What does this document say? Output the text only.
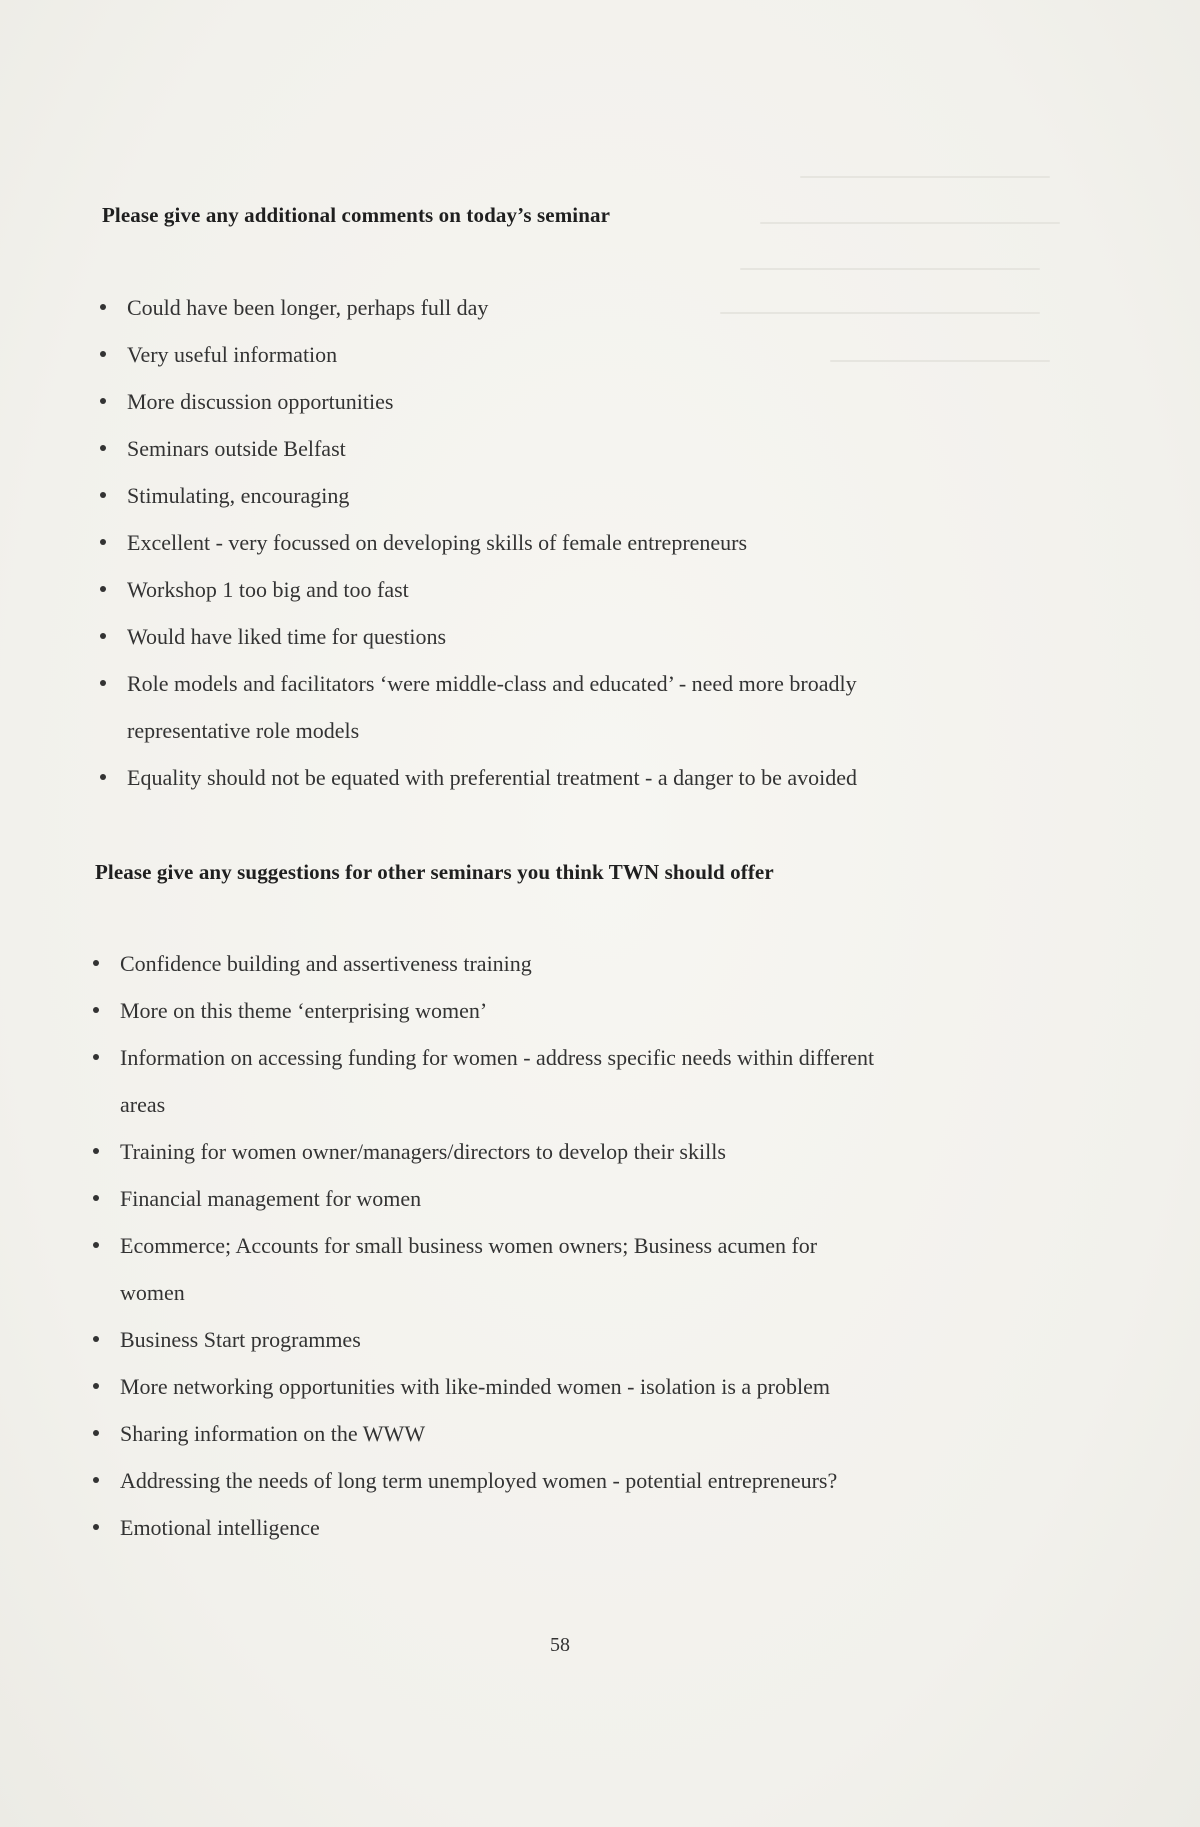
Please give any additional comments on today’s seminar
Could have been longer, perhaps full day
Very useful information
More discussion opportunities
Seminars outside Belfast
Stimulating, encouraging
Excellent - very focussed on developing skills of female entrepreneurs
Workshop 1 too big and too fast
Would have liked time for questions
Role models and facilitators ‘were middle-class and educated’ - need more broadly
representative role models
Equality should not be equated with preferential treatment - a danger to be avoided
Please give any suggestions for other seminars you think TWN should offer
Confidence building and assertiveness training
More on this theme ‘enterprising women’
Information on accessing funding for women - address specific needs within different
areas
Training for women owner/managers/directors to develop their skills
Financial management for women
Ecommerce; Accounts for small business women owners; Business acumen for
women
Business Start programmes
More networking opportunities with like-minded women - isolation is a problem
Sharing information on the WWW
Addressing the needs of long term unemployed women - potential entrepreneurs?
Emotional intelligence
58
